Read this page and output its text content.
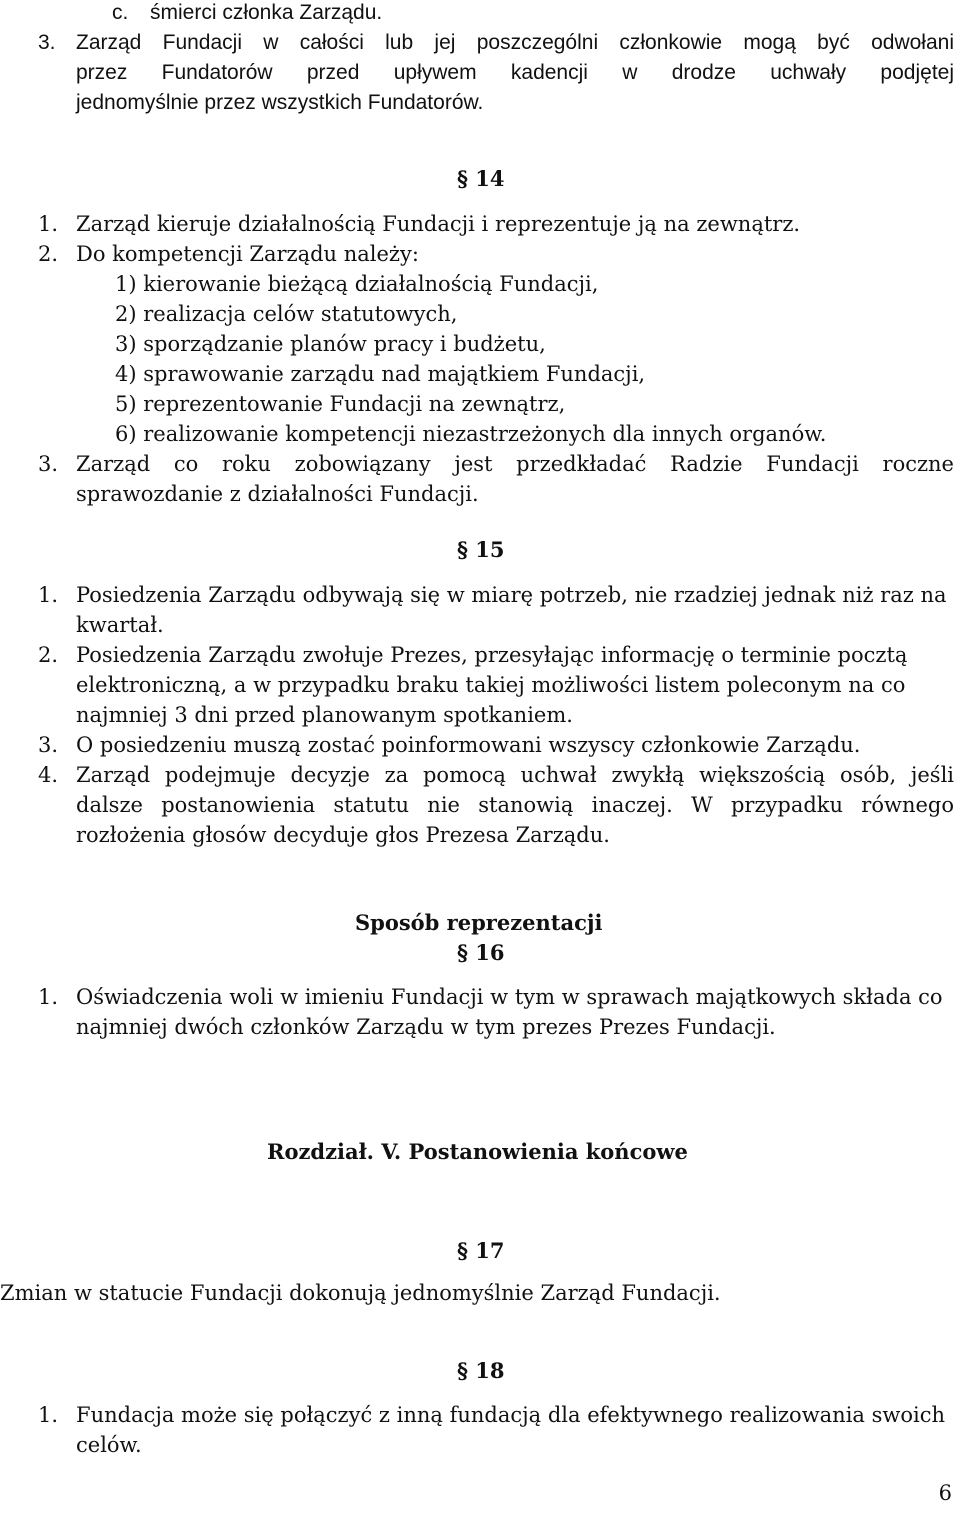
c. śmierci członka Zarządu.
3. Zarząd Fundacji w całości lub jej poszczególni członkowie mogą być odwołani
przez Fundatorów przed upływem kadencji w drodze uchwały podjętej
jednomyślnie przez wszystkich Fundatorów.
§ 14
1. Zarząd kieruje działalnością Fundacji i reprezentuje ją na zewnątrz.
2. Do kompetencji Zarządu należy:
1) kierowanie bieżącą działalnością Fundacji,
2) realizacja celów statutowych,
3) sporządzanie planów pracy i budżetu,
4) sprawowanie zarządu nad majątkiem Fundacji,
5) reprezentowanie Fundacji na zewnątrz,
6) realizowanie kompetencji niezastrzeżonych dla innych organów.
3. Zarząd co roku zobowiązany jest przedkładać Radzie Fundacji roczne
sprawozdanie z działalności Fundacji.
§ 15
1. Posiedzenia Zarządu odbywają się w miarę potrzeb, nie rzadziej jednak niż raz na
kwartał.
2. Posiedzenia Zarządu zwołuje Prezes, przesyłając informację o terminie pocztą
elektroniczną, a w przypadku braku takiej możliwości listem poleconym na co
najmniej 3 dni przed planowanym spotkaniem.
3. O posiedzeniu muszą zostać poinformowani wszyscy członkowie Zarządu.
4. Zarząd podejmuje decyzje za pomocą uchwał zwykłą większością osób, jeśli
dalsze postanowienia statutu nie stanowią inaczej. W przypadku równego
rozłożenia głosów decyduje głos Prezesa Zarządu.
Sposób reprezentacji
§ 16
1. Oświadczenia woli w imieniu Fundacji w tym w sprawach majątkowych składa co
najmniej dwóch członków Zarządu w tym prezes Prezes Fundacji.
Rozdział. V. Postanowienia końcowe
§ 17
Zmian w statucie Fundacji dokonują jednomyślnie Zarząd Fundacji.
§ 18
1. Fundacja może się połączyć z inną fundacją dla efektywnego realizowania swoich
celów.
6
